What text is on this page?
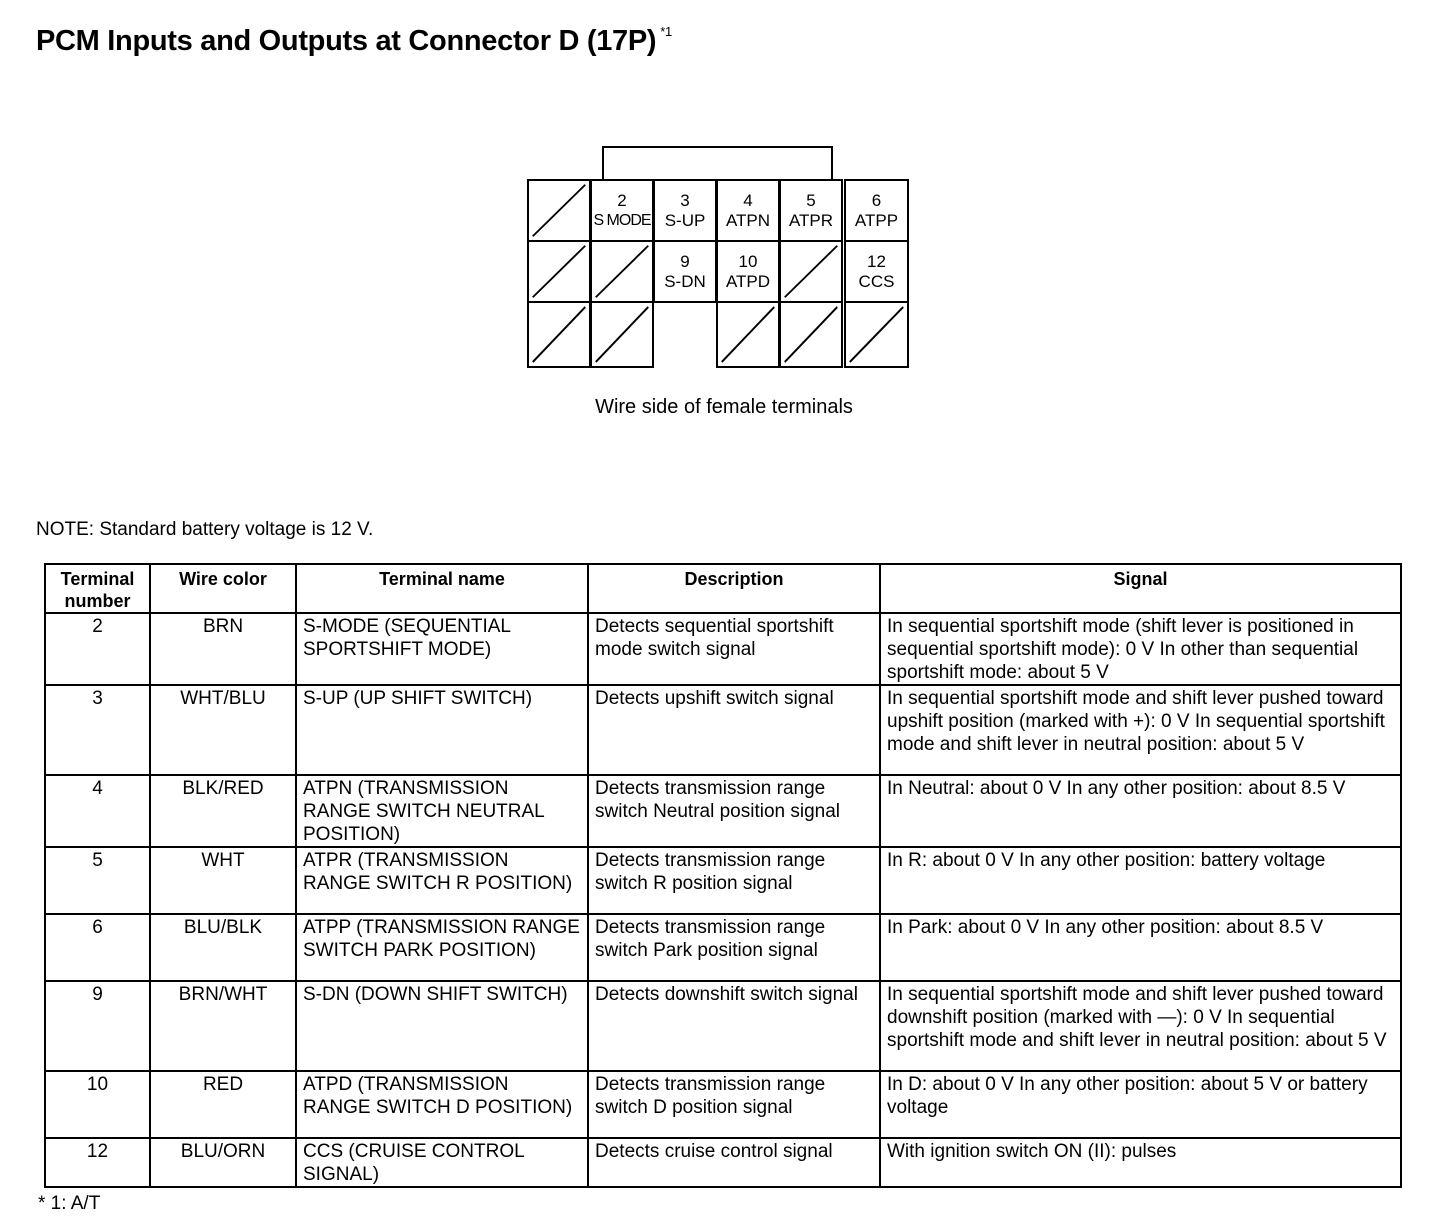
PCM Inputs and Outputs at Connector D (17P) $^{*1}$
2
S MODE
3
S-UP
4
ATPN
5
ATPR
6
ATPP
9
S-DN
10
ATPD
12
CCS
Wire side of female terminals
NOTE: Standard battery voltage is 12 V.
Terminal number	Wire color	Terminal name	Description	Signal
2	BRN	S-MODE (SEQUENTIAL SPORTSHIFT MODE)	Detects sequential sportshift mode switch signal	In sequential sportshift mode (shift lever is positioned in sequential sportshift mode): 0 V In other than sequential sportshift mode: about 5 V
3	WHT/BLU	S-UP (UP SHIFT SWITCH)	Detects upshift switch signal	In sequential sportshift mode and shift lever pushed toward upshift position (marked with +): 0 V In sequential sportshift mode and shift lever in neutral position: about 5 V
4	BLK/RED	ATPN (TRANSMISSION RANGE SWITCH NEUTRAL POSITION)	Detects transmission range switch Neutral position signal	In Neutral: about 0 V In any other position: about 8.5 V
5	WHT	ATPR (TRANSMISSION RANGE SWITCH R POSITION)	Detects transmission range switch R position signal	In R: about 0 V In any other position: battery voltage
6	BLU/BLK	ATPP (TRANSMISSION RANGE SWITCH PARK POSITION)	Detects transmission range switch Park position signal	In Park: about 0 V In any other position: about 8.5 V
9	BRN/WHT	S-DN (DOWN SHIFT SWITCH)	Detects downshift switch signal	In sequential sportshift mode and shift lever pushed toward downshift position (marked with —): 0 V In sequential sportshift mode and shift lever in neutral position: about 5 V
10	RED	ATPD (TRANSMISSION RANGE SWITCH D POSITION)	Detects transmission range switch D position signal	In D: about 0 V In any other position: about 5 V or battery voltage
12	BLU/ORN	CCS (CRUISE CONTROL SIGNAL)	Detects cruise control signal	With ignition switch ON (II): pulses
* 1: A/T
